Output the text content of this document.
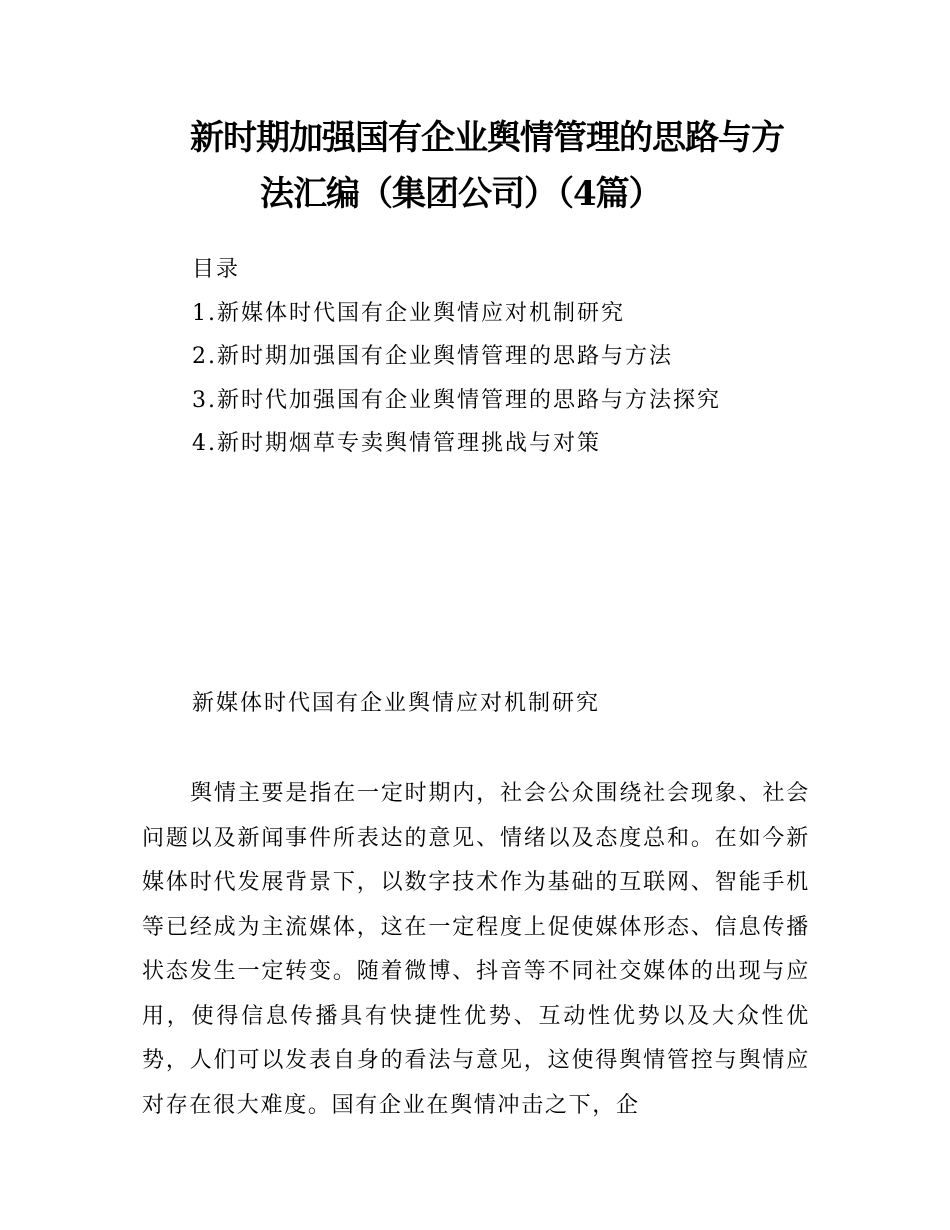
新时期加强国有企业舆情管理的思路与方
法汇编（集团公司）（4篇）
目录
1.新媒体时代国有企业舆情应对机制研究
2.新时期加强国有企业舆情管理的思路与方法
3.新时代加强国有企业舆情管理的思路与方法探究
4.新时期烟草专卖舆情管理挑战与对策
新媒体时代国有企业舆情应对机制研究

舆情主要是指在一定时期内，社会公众围绕社会现象、社会问题以及新闻事件所表达的意见、情绪以及态度总和。在如今新媒体时代发展背景下，以数字技术作为基础的互联网、智能手机等已经成为主流媒体，这在一定程度上促使媒体形态、信息传播状态发生一定转变。随着微博、抖音等不同社交媒体的出现与应用，使得信息传播具有快捷性优势、互动性优势以及大众性优势，人们可以发表自身的看法与意见，这使得舆情管控与舆情应对存在很大难度。国有企业在舆情冲击之下，企
